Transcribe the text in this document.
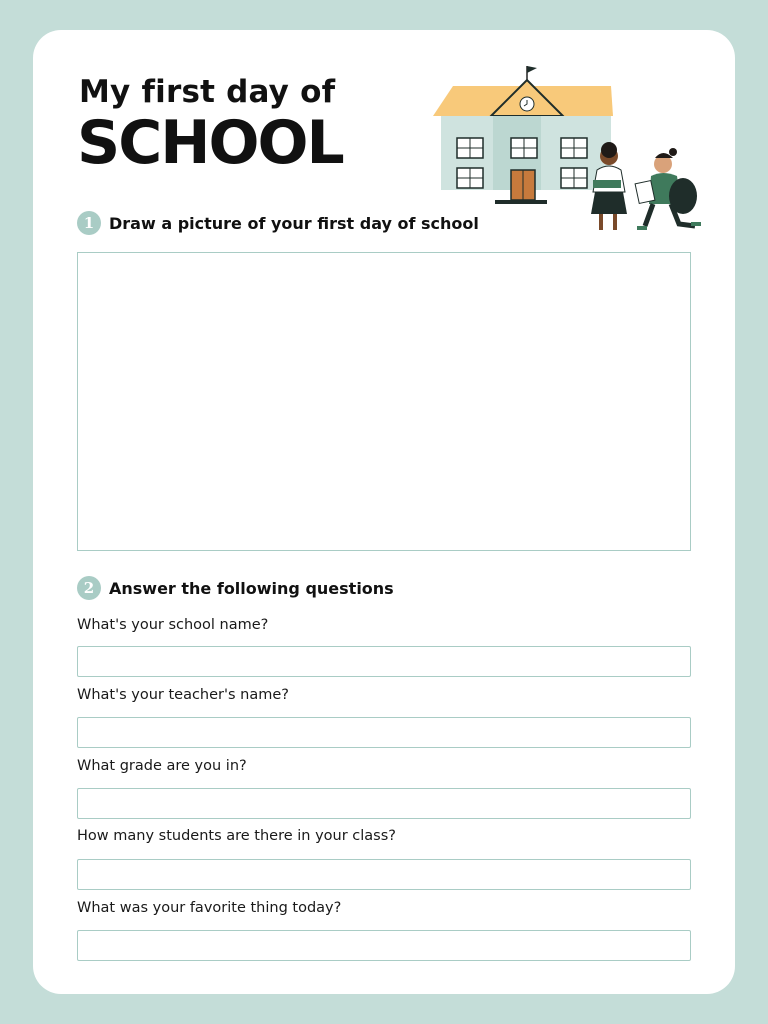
My first day of
SCHOOL
1 Draw a picture of your first day of school
2 Answer the following questions
What's your school name?
What's your teacher's name?
What grade are you in?
How many students are there in your class?
What was your favorite thing today?
